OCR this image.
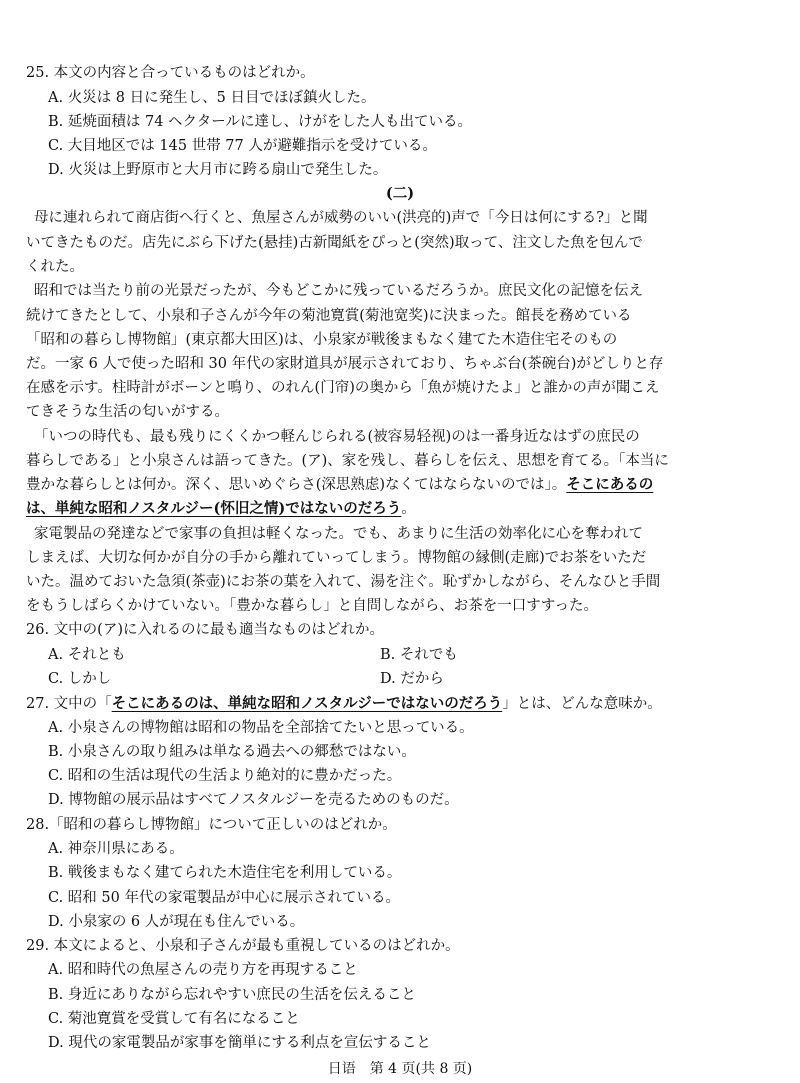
25. 本文の内容と合っているものはどれか。
A. 火災は 8 日に発生し、5 日目でほぼ鎮火した。
B. 延焼面積は 74 ヘクタールに達し、けがをした人も出ている。
C. 大目地区では 145 世帯 77 人が避難指示を受けている。
D. 火災は上野原市と大月市に跨る扇山で発生した。
(二)
母に連れられて商店街へ行くと、魚屋さんが威勢のいい(洪亮的)声で「今日は何にする?」と聞
いてきたものだ。店先にぶら下げた(悬挂)古新聞紙をぴっと(突然)取って、注文した魚を包んで
くれた。
昭和では当たり前の光景だったが、今もどこかに残っているだろうか。庶民文化の記憶を伝え
続けてきたとして、小泉和子さんが今年の菊池寛賞(菊池宽奖)に決まった。館長を務めている
「昭和の暮らし博物館」(東京都大田区)は、小泉家が戦後まもなく建てた木造住宅そのもの
だ。一家 6 人で使った昭和 30 年代の家財道具が展示されており、ちゃぶ台(茶碗台)がどしりと存
在感を示す。柱時計がボーンと鳴り、のれん(门帘)の奥から「魚が焼けたよ」と誰かの声が聞こえ
てきそうな生活の匂いがする。
「いつの時代も、最も残りにくくかつ軽んじられる(被容易轻视)のは一番身近なはずの庶民の
暮らしである」と小泉さんは語ってきた。(ア)、家を残し、暮らしを伝え、思想を育てる。「本当に
豊かな暮らしとは何か。深く、思いめぐらさ(深思熟虑)なくてはならないのでは」。そこにあるの
は、単純な昭和ノスタルジー(怀旧之情)ではないのだろう。
家電製品の発達などで家事の負担は軽くなった。でも、あまりに生活の効率化に心を奪われて
しまえば、大切な何かが自分の手から離れていってしまう。博物館の縁側(走廊)でお茶をいただ
いた。温めておいた急須(茶壶)にお茶の葉を入れて、湯を注ぐ。恥ずかしながら、そんなひと手間
をもうしばらくかけていない。「豊かな暮らし」と自問しながら、お茶を一口すすった。
26. 文中の(ア)に入れるのに最も適当なものはどれか。
A. それとも	B. それでも
C. しかし	D. だから
27. 文中の「そこにあるのは、単純な昭和ノスタルジーではないのだろう」とは、どんな意味か。
A. 小泉さんの博物館は昭和の物品を全部捨てたいと思っている。
B. 小泉さんの取り組みは単なる過去への郷愁ではない。
C. 昭和の生活は現代の生活より絶対的に豊かだった。
D. 博物館の展示品はすべてノスタルジーを売るためのものだ。
28.「昭和の暮らし博物館」について正しいのはどれか。
A. 神奈川県にある。
B. 戦後まもなく建てられた木造住宅を利用している。
C. 昭和 50 年代の家電製品が中心に展示されている。
D. 小泉家の 6 人が現在も住んでいる。
29. 本文によると、小泉和子さんが最も重視しているのはどれか。
A. 昭和時代の魚屋さんの売り方を再現すること
B. 身近にありながら忘れやすい庶民の生活を伝えること
C. 菊池寛賞を受賞して有名になること
D. 現代の家電製品が家事を簡単にする利点を宣伝すること
日语　第 4 页(共 8 页)
